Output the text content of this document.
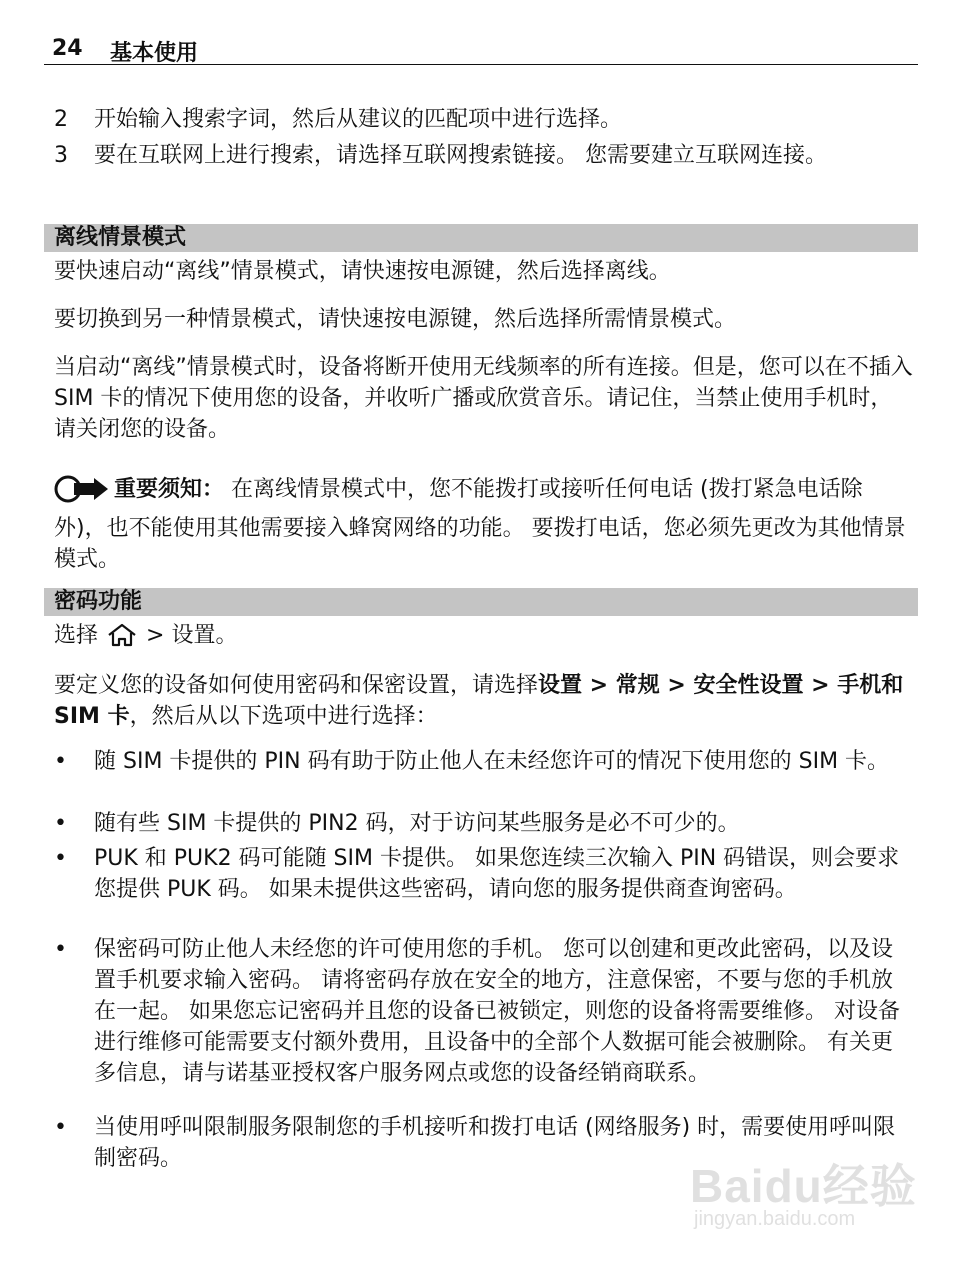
24 基本使用
2	开始输入搜索字词，然后从建议的匹配项中进行选择。
3	要在互联网上进行搜索，请选择互联网搜索链接。 您需要建立互联网连接。
离线情景模式
要快速启动“离线”情景模式，请快速按电源键，然后选择离线。
要切换到另一种情景模式，请快速按电源键，然后选择所需情景模式。
当启动“离线”情景模式时，设备将断开使用无线频率的所有连接。但是，您可以在不插入 SIM 卡的情况下使用您的设备，并收听广播或欣赏音乐。请记住，当禁止使用手机时，请关闭您的设备。
重要须知： 在离线情景模式中，您不能拨打或接听任何电话 (拨打紧急电话除外)，也不能使用其他需要接入蜂窝网络的功能。 要拨打电话，您必须先更改为其他情景模式。
密码功能
选择 > 设置。
要定义您的设备如何使用密码和保密设置，请选择设置 > 常规 > 安全性设置 > 手机和 SIM 卡，然后从以下选项中进行选择：
• 随 SIM 卡提供的 PIN 码有助于防止他人在未经您许可的情况下使用您的 SIM 卡。
• 随有些 SIM 卡提供的 PIN2 码，对于访问某些服务是必不可少的。
• PUK 和 PUK2 码可能随 SIM 卡提供。 如果您连续三次输入 PIN 码错误，则会要求您提供 PUK 码。 如果未提供这些密码，请向您的服务提供商查询密码。
• 保密码可防止他人未经您的许可使用您的手机。 您可以创建和更改此密码，以及设置手机要求输入密码。 请将密码存放在安全的地方，注意保密，不要与您的手机放在一起。 如果您忘记密码并且您的设备已被锁定，则您的设备将需要维修。 对设备进行维修可能需要支付额外费用，且设备中的全部个人数据可能会被删除。 有关更多信息，请与诺基亚授权客户服务网点或您的设备经销商联系。
• 当使用呼叫限制服务限制您的手机接听和拨打电话 (网络服务) 时，需要使用呼叫限制密码。
Baidu经验
jingyan.baidu.com
